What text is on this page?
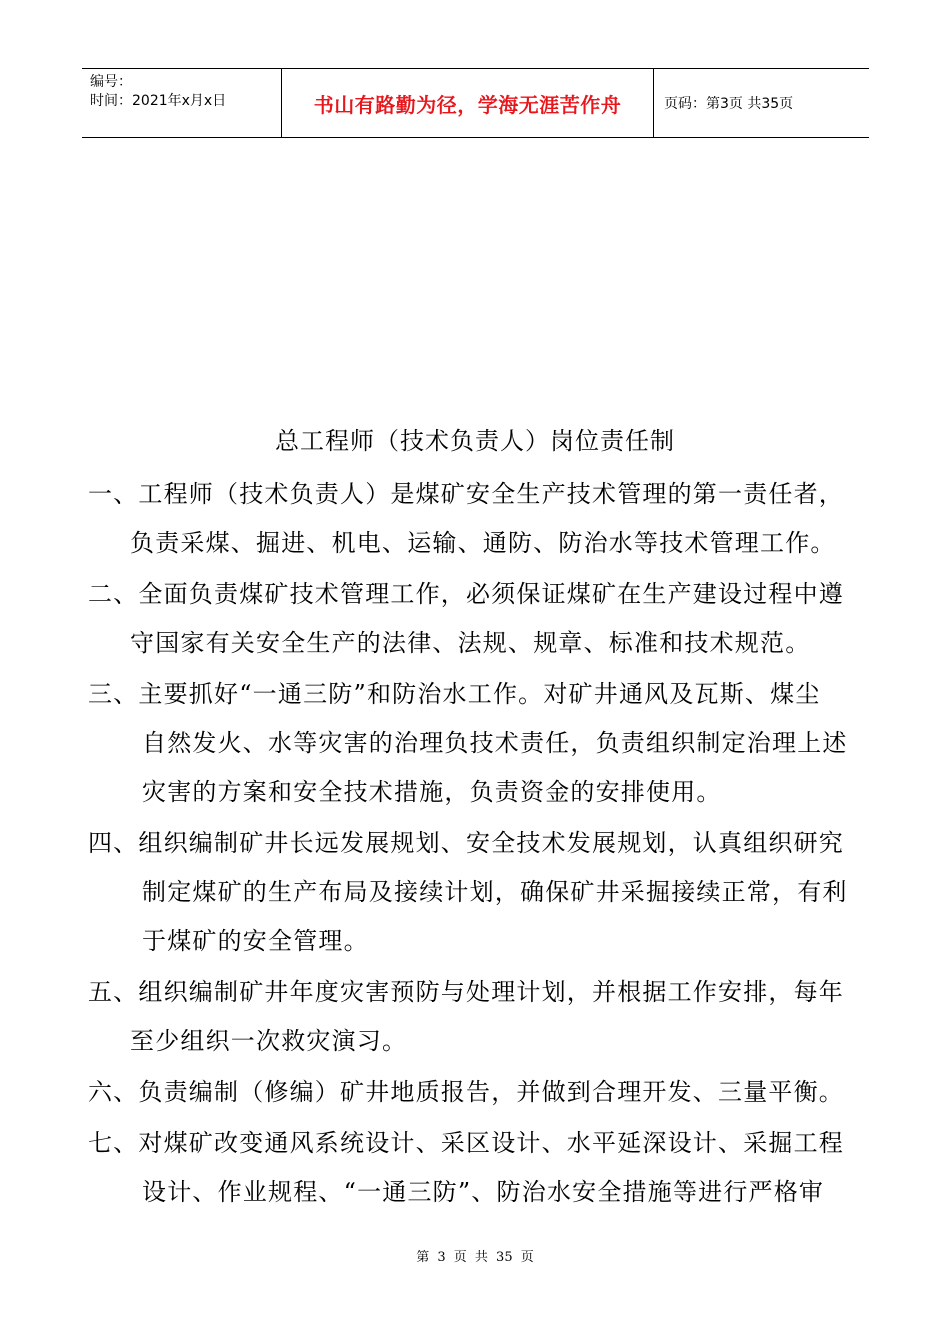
编号：
时间：2021年x月x日	书山有路勤为径，学海无涯苦作舟	页码：第3页 共35页
总工程师（技术负责人）岗位责任制
一、工程师（技术负责人）是煤矿安全生产技术管理的第一责任者，
负责采煤、掘进、机电、运输、通防、防治水等技术管理工作。
二、全面负责煤矿技术管理工作，必须保证煤矿在生产建设过程中遵
守国家有关安全生产的法律、法规、规章、标准和技术规范。
三、主要抓好“一通三防”和防治水工作。对矿井通风及瓦斯、煤尘
自然发火、水等灾害的治理负技术责任，负责组织制定治理上述
灾害的方案和安全技术措施，负责资金的安排使用。
四、组织编制矿井长远发展规划、安全技术发展规划，认真组织研究
制定煤矿的生产布局及接续计划，确保矿井采掘接续正常，有利
于煤矿的安全管理。
五、组织编制矿井年度灾害预防与处理计划，并根据工作安排，每年
至少组织一次救灾演习。
六、负责编制（修编）矿井地质报告，并做到合理开发、三量平衡。
七、对煤矿改变通风系统设计、采区设计、水平延深设计、采掘工程
设计、作业规程、“一通三防”、防治水安全措施等进行严格审
第 3 页 共 35 页
